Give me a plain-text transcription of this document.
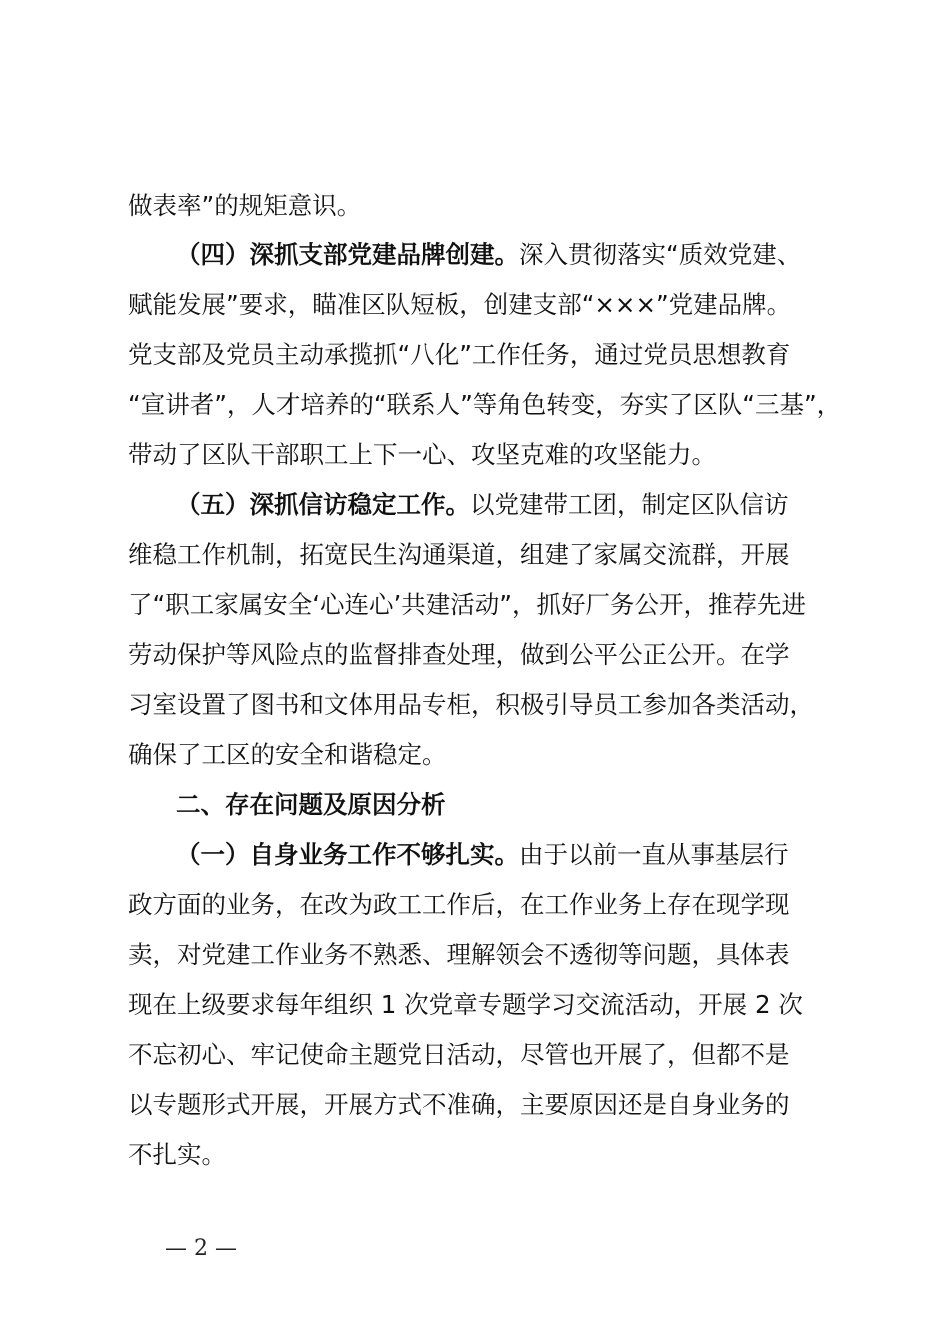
做表率”的规矩意识。
（四）深抓支部党建品牌创建。深入贯彻落实“质效党建、
赋能发展”要求，瞄准区队短板，创建支部“×××”党建品牌。
党支部及党员主动承揽抓“八化”工作任务，通过党员思想教育
“宣讲者”，人才培养的“联系人”等角色转变，夯实了区队“三基”，
带动了区队干部职工上下一心、攻坚克难的攻坚能力。
（五）深抓信访稳定工作。以党建带工团，制定区队信访
维稳工作机制，拓宽民生沟通渠道，组建了家属交流群，开展
了“职工家属安全‘心连心’共建活动”，抓好厂务公开，推荐先进
劳动保护等风险点的监督排查处理，做到公平公正公开。在学
习室设置了图书和文体用品专柜，积极引导员工参加各类活动，
确保了工区的安全和谐稳定。
二、存在问题及原因分析
（一）自身业务工作不够扎实。由于以前一直从事基层行
政方面的业务，在改为政工工作后，在工作业务上存在现学现
卖，对党建工作业务不熟悉、理解领会不透彻等问题，具体表
现在上级要求每年组织 1 次党章专题学习交流活动，开展 2 次
不忘初心、牢记使命主题党日活动，尽管也开展了，但都不是
以专题形式开展，开展方式不准确，主要原因还是自身业务的
不扎实。
— 2 —
